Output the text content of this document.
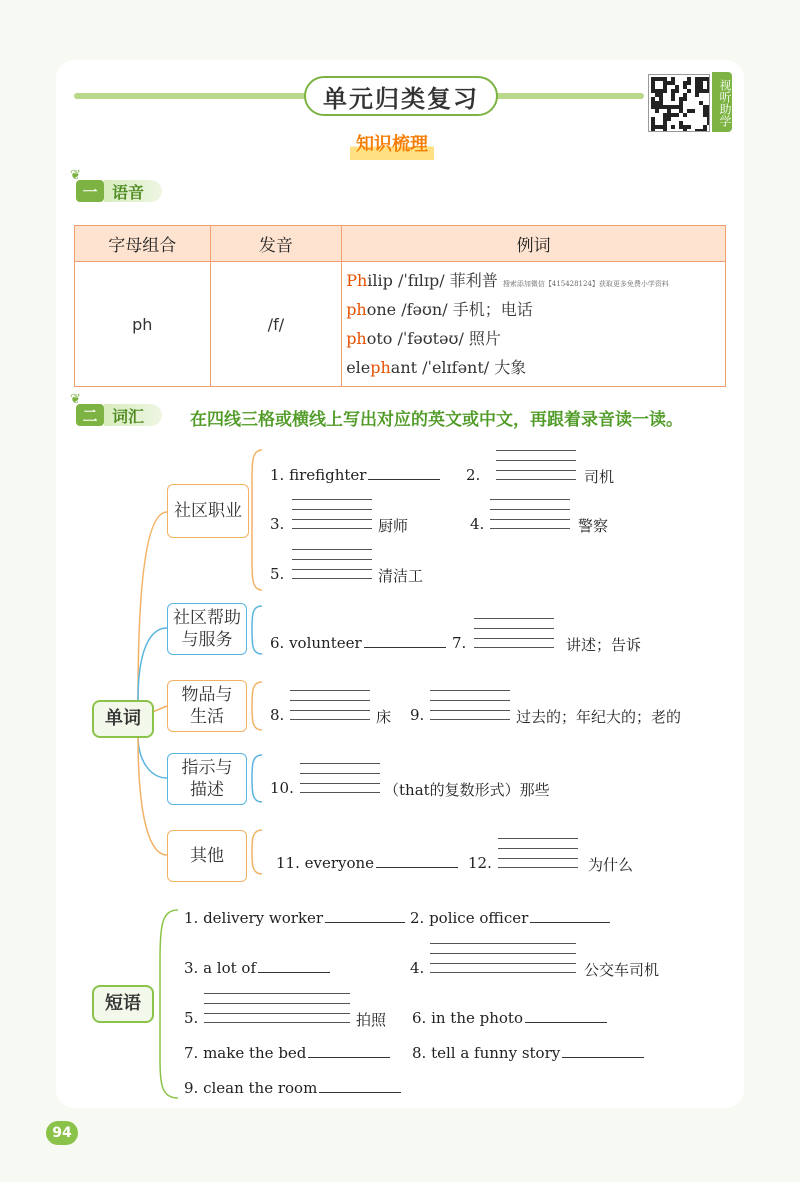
单元归类复习	视听助学
知识梳理
❦
一 语音
字母组合	发音	例词
ph	/f/	Philip /ˈfɪlɪp/ 菲利普 搜索添加微信【415428124】获取更多免费小学资料
phone /fəʊn/ 手机；电话
photo /ˈfəʊtəʊ/ 照片
elephant /ˈelɪfənt/ 大象
❦
二 词汇	在四线三格或横线上写出对应的英文或中文，再跟着录音读一读。
单词
社区职业
社区帮助
与服务
物品与
生活
指示与
描述
其他
1. firefighter	2.	司机
3.	厨师	4.	警察
5.	清洁工
6. volunteer	7.	讲述；告诉
8.	床 9.	过去的；年纪大的；老的
10.	（that的复数形式）那些
11. everyone	12.	为什么
短语
1. delivery worker	2. police officer
3. a lot of	4.	公交车司机
5.	拍照 6. in the photo
7. make the bed	8. tell a funny story
9. clean the room
94
